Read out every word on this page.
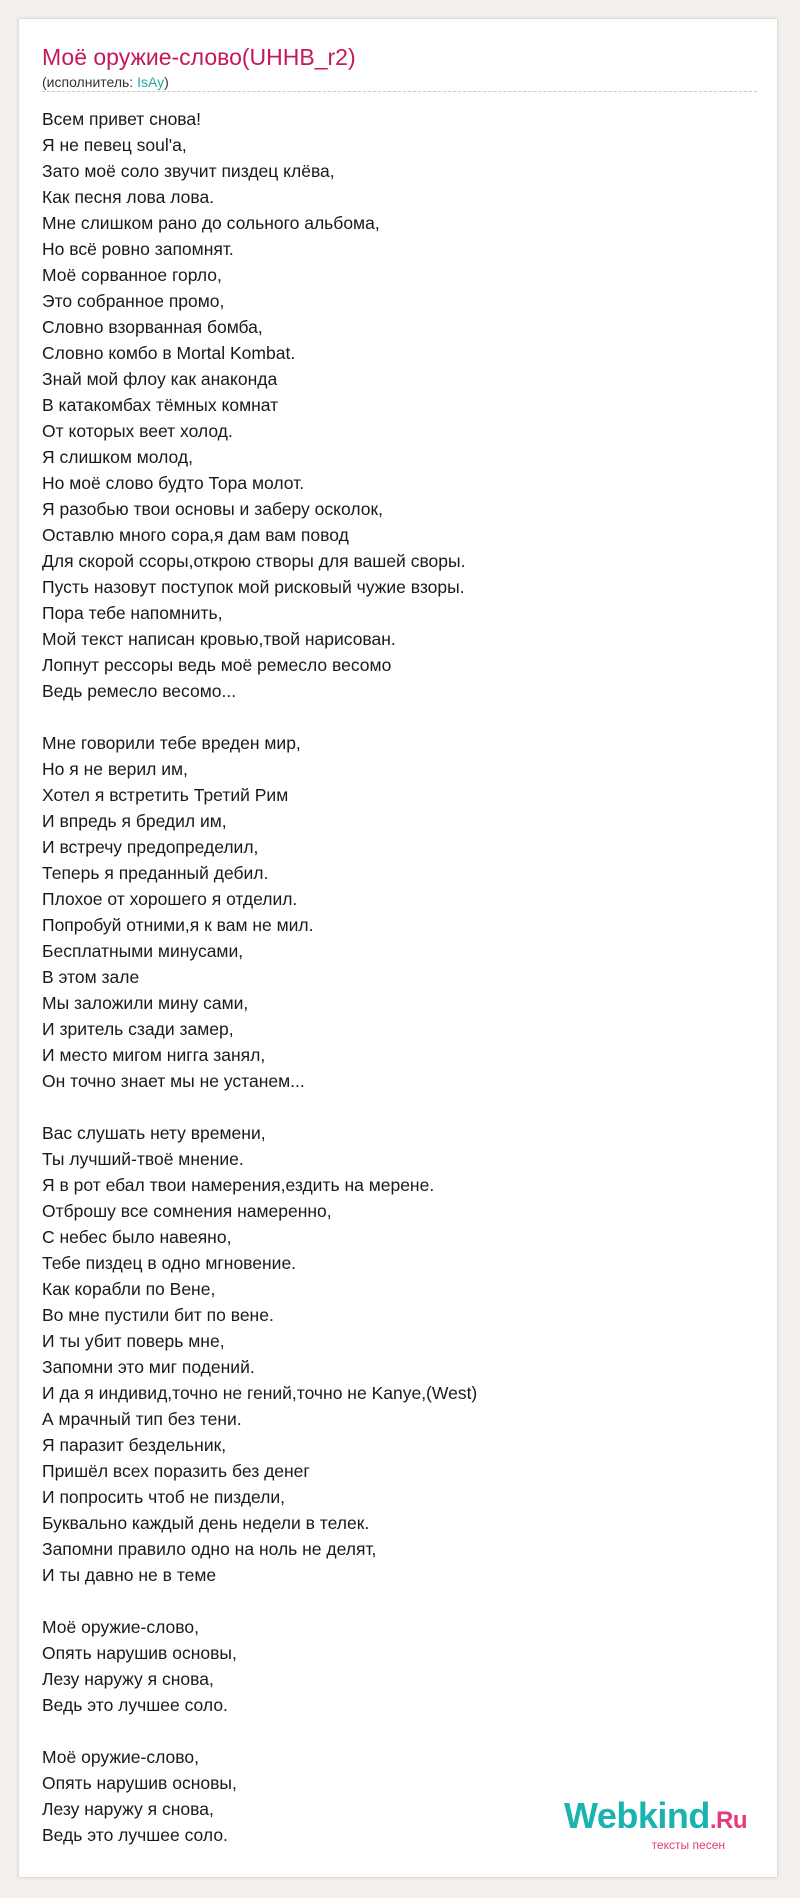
Моё оружие-слово(UHHB_r2)
(исполнитель: IsAy)
Всем привет снова!
Я не певец soul'a,
Зато моё соло звучит пиздец клёва,
Как песня лова лова.
Мне слишком рано до сольного альбома,
Но всё ровно запомнят.
Моё сорванное горло,
Это собранное промо,
Словно взорванная бомба,
Словно комбо в Mortal Kombat.
Знай мой флоу как анаконда
В катакомбах тёмных комнат
От которых веет холод.
Я слишком молод,
Но моё слово будто Тора молот.
Я разобью твои основы и заберу осколок,
Оставлю много сора,я дам вам повод
Для скорой ссоры,открою створы для вашей своры.
Пусть назовут поступок мой рисковый чужие взоры.
Пора тебе напомнить,
Мой текст написан кровью,твой нарисован.
Лопнут рессоры ведь моё ремесло весомо
Ведь ремесло весомо...

Мне говорили тебе вреден мир,
Но я не верил им,
Хотел я встретить Третий Рим
И впредь я бредил им,
И встречу предопределил,
Теперь я преданный дебил.
Плохое от хорошего я отделил.
Попробуй отними,я к вам не мил.
Бесплатными минусами,
В этом зале
Мы заложили мину сами,
И зритель сзади замер,
И место мигом нигга занял,
Он точно знает мы не устанем...

Вас слушать нету времени,
Ты лучший-твоё мнение.
Я в рот ебал твои намерения,ездить на мерене.
Отброшу все сомнения намеренно,
С небес было навеяно,
Тебе пиздец в одно мгновение.
Как корабли по Вене,
Во мне пустили бит по вене.
И ты убит поверь мне,
Запомни это миг подений.
И да я индивид,точно не гений,точно не Kanye,(West)
А мрачный тип без тени.
Я паразит бездельник,
Пришёл всех поразить без денег
И попросить чтоб не пиздели,
Буквально каждый день недели в телек.
Запомни правило одно на ноль не делят,
И ты давно не в теме

Моё оружие-слово,
Опять нарушив основы,
Лезу наружу я снова,
Ведь это лучшее соло.

Моё оружие-слово,
Опять нарушив основы,
Лезу наружу я снова,
Ведь это лучшее соло.	Webkind.Ru
тексты песен
